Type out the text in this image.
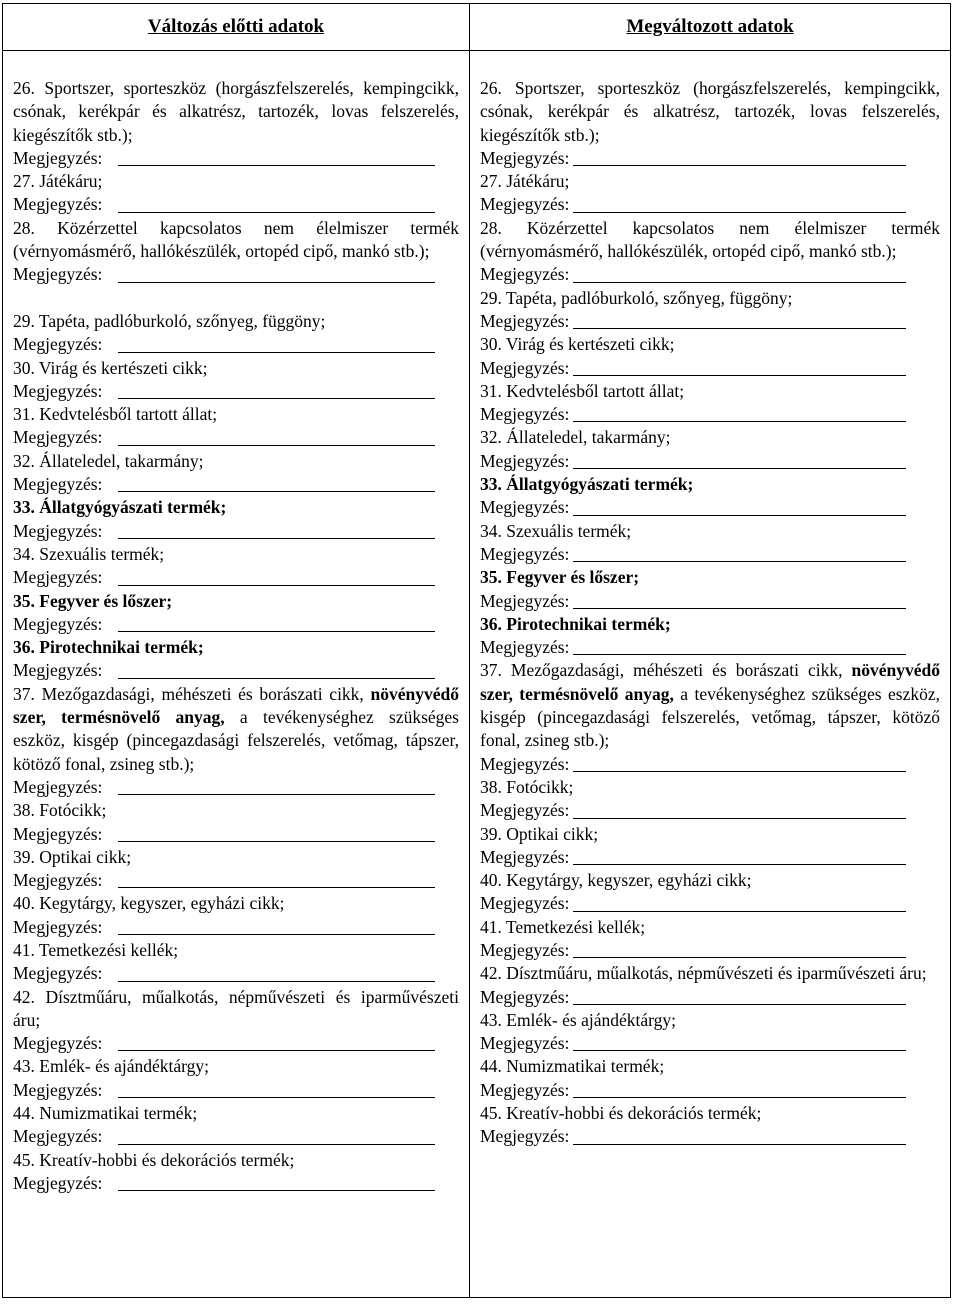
Változás előtti adatok
26. Sportszer, sporteszköz (horgászfelszerelés, kempingcikk, csónak, kerékpár és alkatrész, tartozék, lovas felszerelés, kiegészítők stb.);
Megjegyzés:
27. Játékáru;
Megjegyzés:
28. Közérzettel kapcsolatos nem élelmiszer termék (vérnyomásmérő, hallókészülék, ortopéd cipő, mankó stb.);
Megjegyzés:
29. Tapéta, padlóburkoló, szőnyeg, függöny;
Megjegyzés:
30. Virág és kertészeti cikk;
Megjegyzés:
31. Kedvtelésből tartott állat;
Megjegyzés:
32. Állateledel, takarmány;
Megjegyzés:
33. Állatgyógyászati termék;
Megjegyzés:
34. Szexuális termék;
Megjegyzés:
35. Fegyver és lőszer;
Megjegyzés:
36. Pirotechnikai termék;
Megjegyzés:
37. Mezőgazdasági, méhészeti és borászati cikk, növényvédő szer, termésnövelő anyag, a tevékenységhez szükséges eszköz, kisgép (pincegazdasági felszerelés, vetőmag, tápszer, kötöző fonal, zsineg stb.);
Megjegyzés:
38. Fotócikk;
Megjegyzés:
39. Optikai cikk;
Megjegyzés:
40. Kegytárgy, kegyszer, egyházi cikk;
Megjegyzés:
41. Temetkezési kellék;
Megjegyzés:
42. Dísztműáru, műalkotás, népművészeti és iparművészeti áru;
Megjegyzés:
43. Emlék- és ajándéktárgy;
Megjegyzés:
44. Numizmatikai termék;
Megjegyzés:
45. Kreatív-hobbi és dekorációs termék;
Megjegyzés:
Megváltozott adatok
26. Sportszer, sporteszköz (horgászfelszerelés, kempingcikk, csónak, kerékpár és alkatrész, tartozék, lovas felszerelés, kiegészítők stb.);
Megjegyzés:
27. Játékáru;
Megjegyzés:
28. Közérzettel kapcsolatos nem élelmiszer termék (vérnyomásmérő, hallókészülék, ortopéd cipő, mankó stb.);
Megjegyzés:
29. Tapéta, padlóburkoló, szőnyeg, függöny;
Megjegyzés:
30. Virág és kertészeti cikk;
Megjegyzés:
31. Kedvtelésből tartott állat;
Megjegyzés:
32. Állateledel, takarmány;
Megjegyzés:
33. Állatgyógyászati termék;
Megjegyzés:
34. Szexuális termék;
Megjegyzés:
35. Fegyver és lőszer;
Megjegyzés:
36. Pirotechnikai termék;
Megjegyzés:
37. Mezőgazdasági, méhészeti és borászati cikk, növényvédő szer, termésnövelő anyag, a tevékenységhez szükséges eszköz, kisgép (pincegazdasági felszerelés, vetőmag, tápszer, kötöző fonal, zsineg stb.);
Megjegyzés:
38. Fotócikk;
Megjegyzés:
39. Optikai cikk;
Megjegyzés:
40. Kegytárgy, kegyszer, egyházi cikk;
Megjegyzés:
41. Temetkezési kellék;
Megjegyzés:
42. Dísztműáru, műalkotás, népművészeti és iparművészeti áru;
Megjegyzés:
43. Emlék- és ajándéktárgy;
Megjegyzés:
44. Numizmatikai termék;
Megjegyzés:
45. Kreatív-hobbi és dekorációs termék;
Megjegyzés:
